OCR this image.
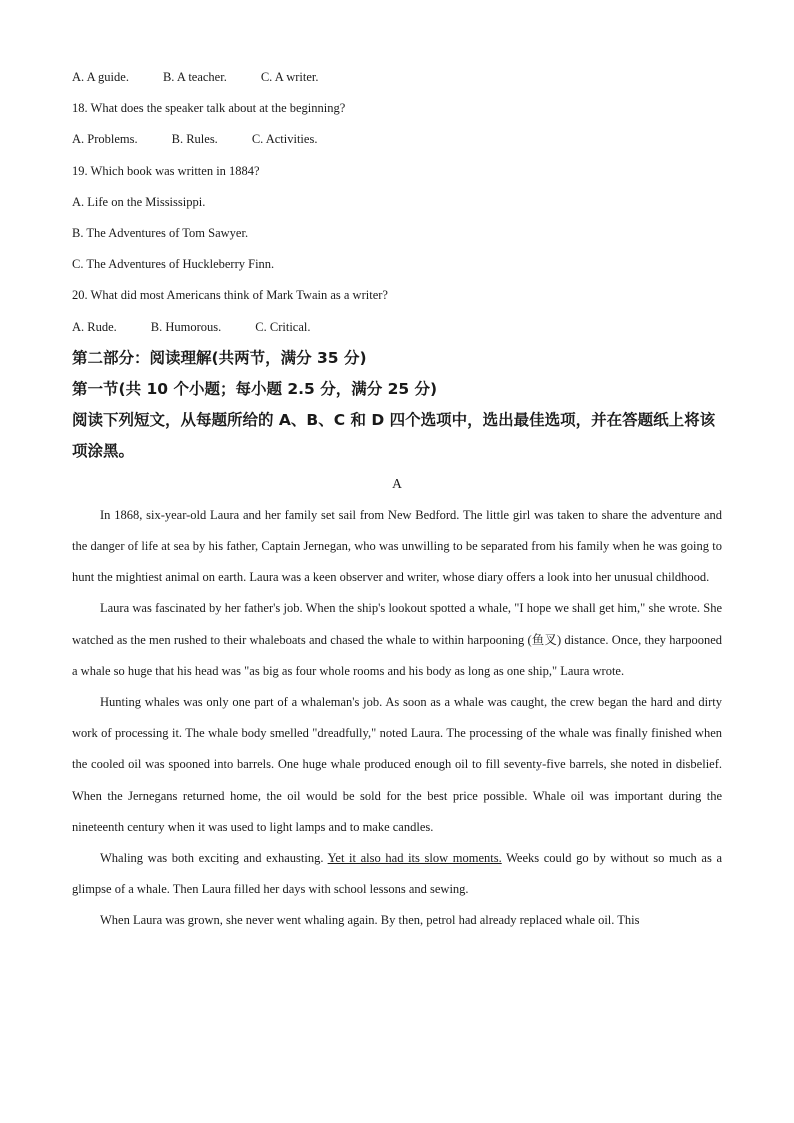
A. A guide.	B. A teacher.	C. A writer.
18. What does the speaker talk about at the beginning?
A. Problems.	B. Rules.	C. Activities.
19. Which book was written in 1884?
A. Life on the Mississippi.
B. The Adventures of Tom Sawyer.
C. The Adventures of Huckleberry Finn.
20. What did most Americans think of Mark Twain as a writer?
A. Rude.	B. Humorous.	C. Critical.
第二部分：阅读理解(共两节，满分 35 分)
第一节(共 10 个小题；每小题 2.5 分，满分 25 分)
阅读下列短文，从每题所给的 A、B、C 和 D 四个选项中，选出最佳选项，并在答题纸上将该项涂黑。
A

In 1868, six-year-old Laura and her family set sail from New Bedford. The little girl was taken to share the adventure and the danger of life at sea by his father, Captain Jernegan, who was unwilling to be separated from his family when he was going to hunt the mightiest animal on earth. Laura was a keen observer and writer, whose diary offers a look into her unusual childhood.

Laura was fascinated by her father's job. When the ship's lookout spotted a whale, "I hope we shall get him," she wrote. She watched as the men rushed to their whaleboats and chased the whale to within harpooning (鱼叉) distance. Once, they harpooned a whale so huge that his head was "as big as four whole rooms and his body as long as one ship," Laura wrote.

Hunting whales was only one part of a whaleman's job. As soon as a whale was caught, the crew began the hard and dirty work of processing it. The whale body smelled "dreadfully," noted Laura. The processing of the whale was finally finished when the cooled oil was spooned into barrels. One huge whale produced enough oil to fill seventy-five barrels, she noted in disbelief. When the Jernegans returned home, the oil would be sold for the best price possible. Whale oil was important during the nineteenth century when it was used to light lamps and to make candles.

Whaling was both exciting and exhausting. Yet it also had its slow moments. Weeks could go by without so much as a glimpse of a whale. Then Laura filled her days with school lessons and sewing.

When Laura was grown, she never went whaling again. By then, petrol had already replaced whale oil. This
